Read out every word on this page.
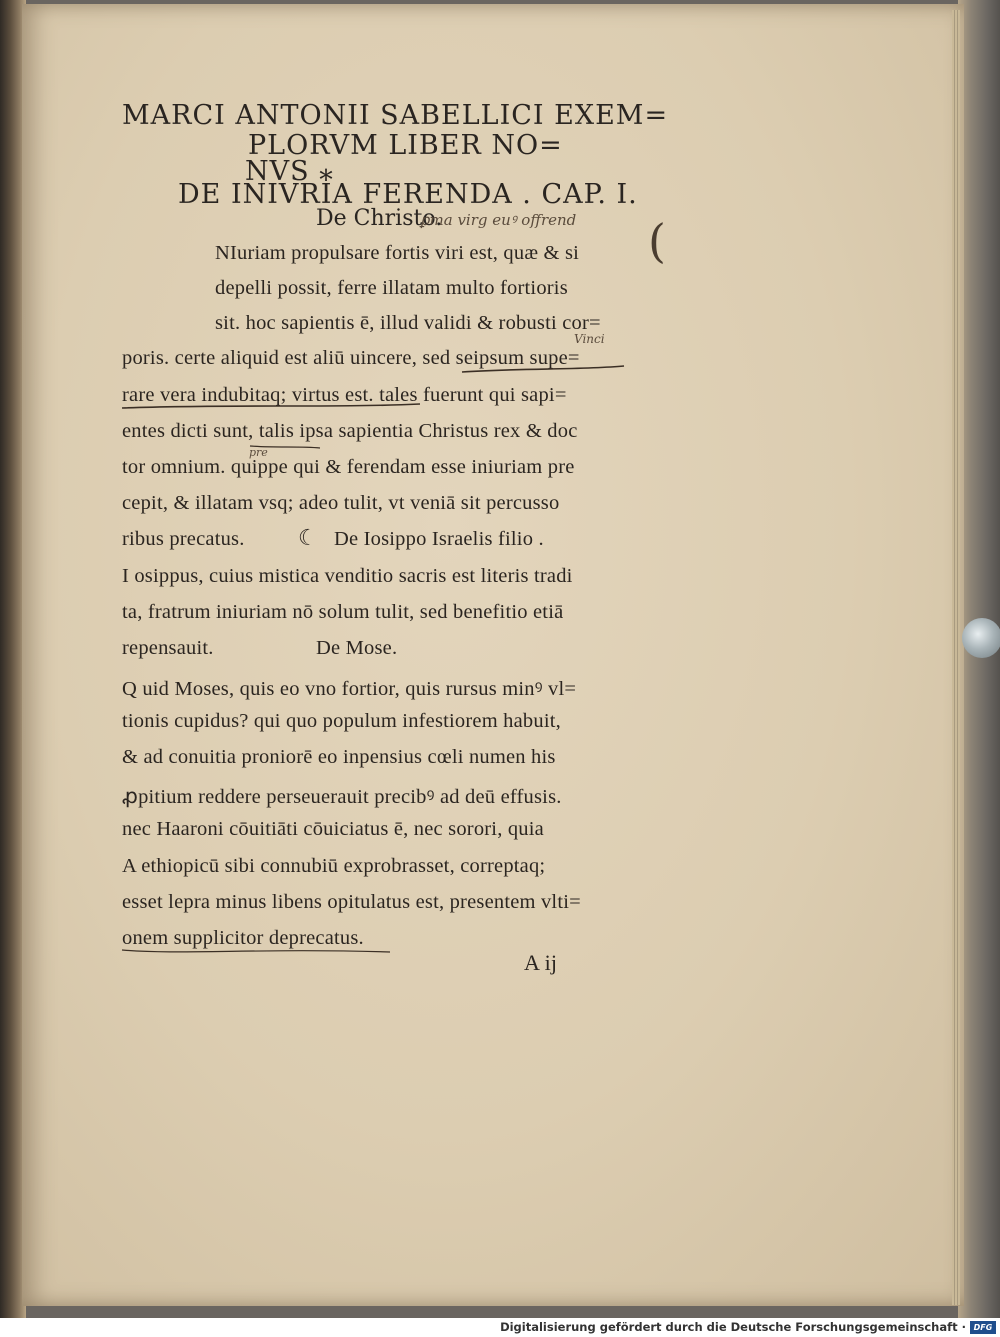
MARCI ANTONII SABELLICI EXEM=
PLORVM LIBER NO=
NVS ⁎
DE INIVRIA FERENDA . CAP. I.
De Christo.
ꝑma virg euꝰ offrend (
Vinci
pre
NIuriam propulsare fortis viri est, quæ & si
depelli possit, ferre illatam multo fortioris
sit. hoc sapientis ē, illud validi & robusti cor=
poris. certe aliquid est aliū uincere, sed seipsum supe=
rare vera indubitaq; virtus est. tales fuerunt qui sapi=
entes dicti sunt, talis ipsa sapientia Christus rex & doc
tor omnium. quippe qui & ferendam esse iniuriam pre
cepit, & illatam vsq; adeo tulit, vt veniā sit percusso
ribus precatus. ☾ De Iosippo Israelis filio .
I osippus, cuius mistica venditio sacris est literis tradi
ta, fratrum iniuriam nō solum tulit, sed benefitio etiā
repensauit.	De Mose.
Q uid Moses, quis eo vno fortior, quis rursus minꝰ vl=
tionis cupidus? qui quo populum infestiorem habuit,
& ad conuitia proniorē eo inpensius cœli numen his
ꝓpitium reddere perseuerauit precibꝰ ad deū effusis.
nec Haaroni cōuitiāti cōuiciatus ē, nec sorori, quia
A ethiopicū sibi connubiū exprobrasset, correptaq;
esset lepra minus libens opitulatus est, presentem vlti=
onem supplicitor deprecatus.
A ij
Digitalisierung gefördert durch die Deutsche Forschungsgemeinschaft · DFG
